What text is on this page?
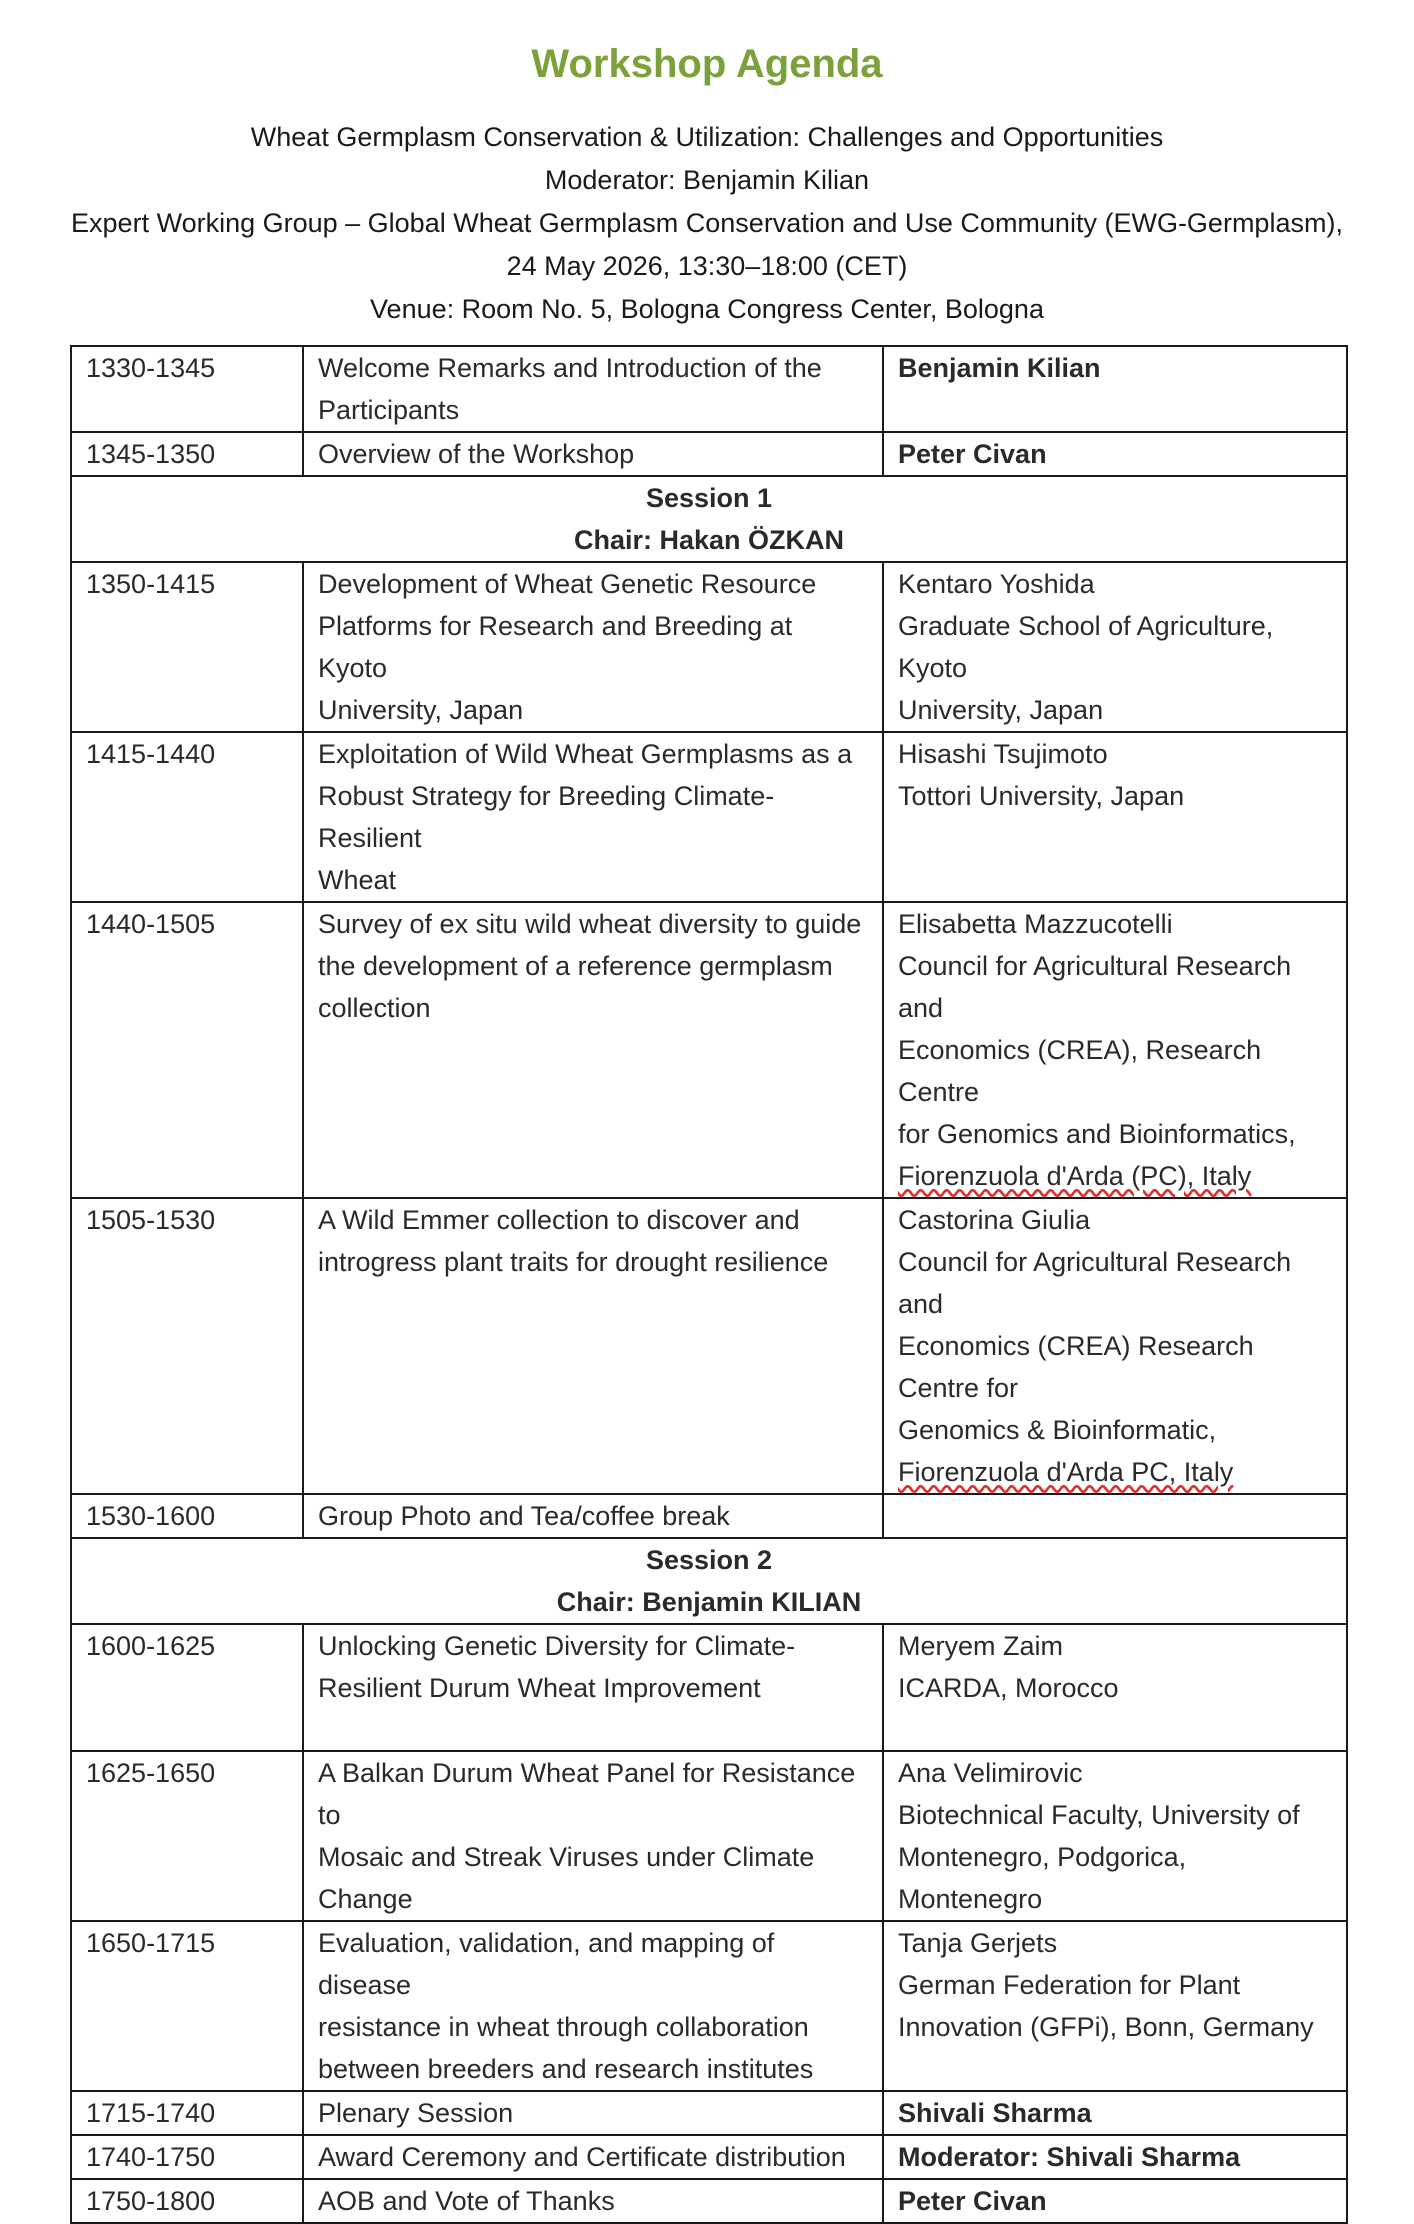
Workshop Agenda
Wheat Germplasm Conservation & Utilization: Challenges and Opportunities
Moderator: Benjamin Kilian
Expert Working Group – Global Wheat Germplasm Conservation and Use Community (EWG-Germplasm),
24 May 2026, 13:30–18:00 (CET)
Venue: Room No. 5, Bologna Congress Center, Bologna
1330-1345	Welcome Remarks and Introduction of the
Participants	Benjamin Kilian
1345-1350	Overview of the Workshop	Peter Civan

Session 1
Chair: Hakan ÖZKAN		

1350-1415	Development of Wheat Genetic Resource
Platforms for Research and Breeding at Kyoto
University, Japan	Kentaro Yoshida
Graduate School of Agriculture, Kyoto
University, Japan

1415-1440	Exploitation of Wild Wheat Germplasms as a
Robust Strategy for Breeding Climate-Resilient
Wheat	Hisashi Tsujimoto
Tottori University, Japan

1440-1505	Survey of ex situ wild wheat diversity to guide
the development of a reference germplasm
collection	Elisabetta Mazzucotelli
Council for Agricultural Research and
Economics (CREA), Research Centre
for Genomics and Bioinformatics,
Fiorenzuola d'Arda (PC), Italy

1505-1530	A Wild Emmer collection to discover and
introgress plant traits for drought resilience	Castorina Giulia
Council for Agricultural Research and
Economics (CREA) Research Centre for
Genomics & Bioinformatic,
Fiorenzuola d'Arda PC, Italy

1530-1600	Group Photo and Tea/coffee break	

Session 2
Chair: Benjamin KILIAN		

1600-1625	Unlocking Genetic Diversity for Climate-
Resilient Durum Wheat Improvement	Meryem Zaim
ICARDA, Morocco

1625-1650	A Balkan Durum Wheat Panel for Resistance to
Mosaic and Streak Viruses under Climate Change	Ana Velimirovic
Biotechnical Faculty, University of
Montenegro, Podgorica, Montenegro

1650-1715	Evaluation, validation, and mapping of disease
resistance in wheat through collaboration
between breeders and research institutes	Tanja Gerjets
German Federation for Plant
Innovation (GFPi), Bonn, Germany

1715-1740	Plenary Session	Shivali Sharma
1740-1750	Award Ceremony and Certificate distribution	Moderator: Shivali Sharma
1750-1800	AOB and Vote of Thanks	Peter Civan
